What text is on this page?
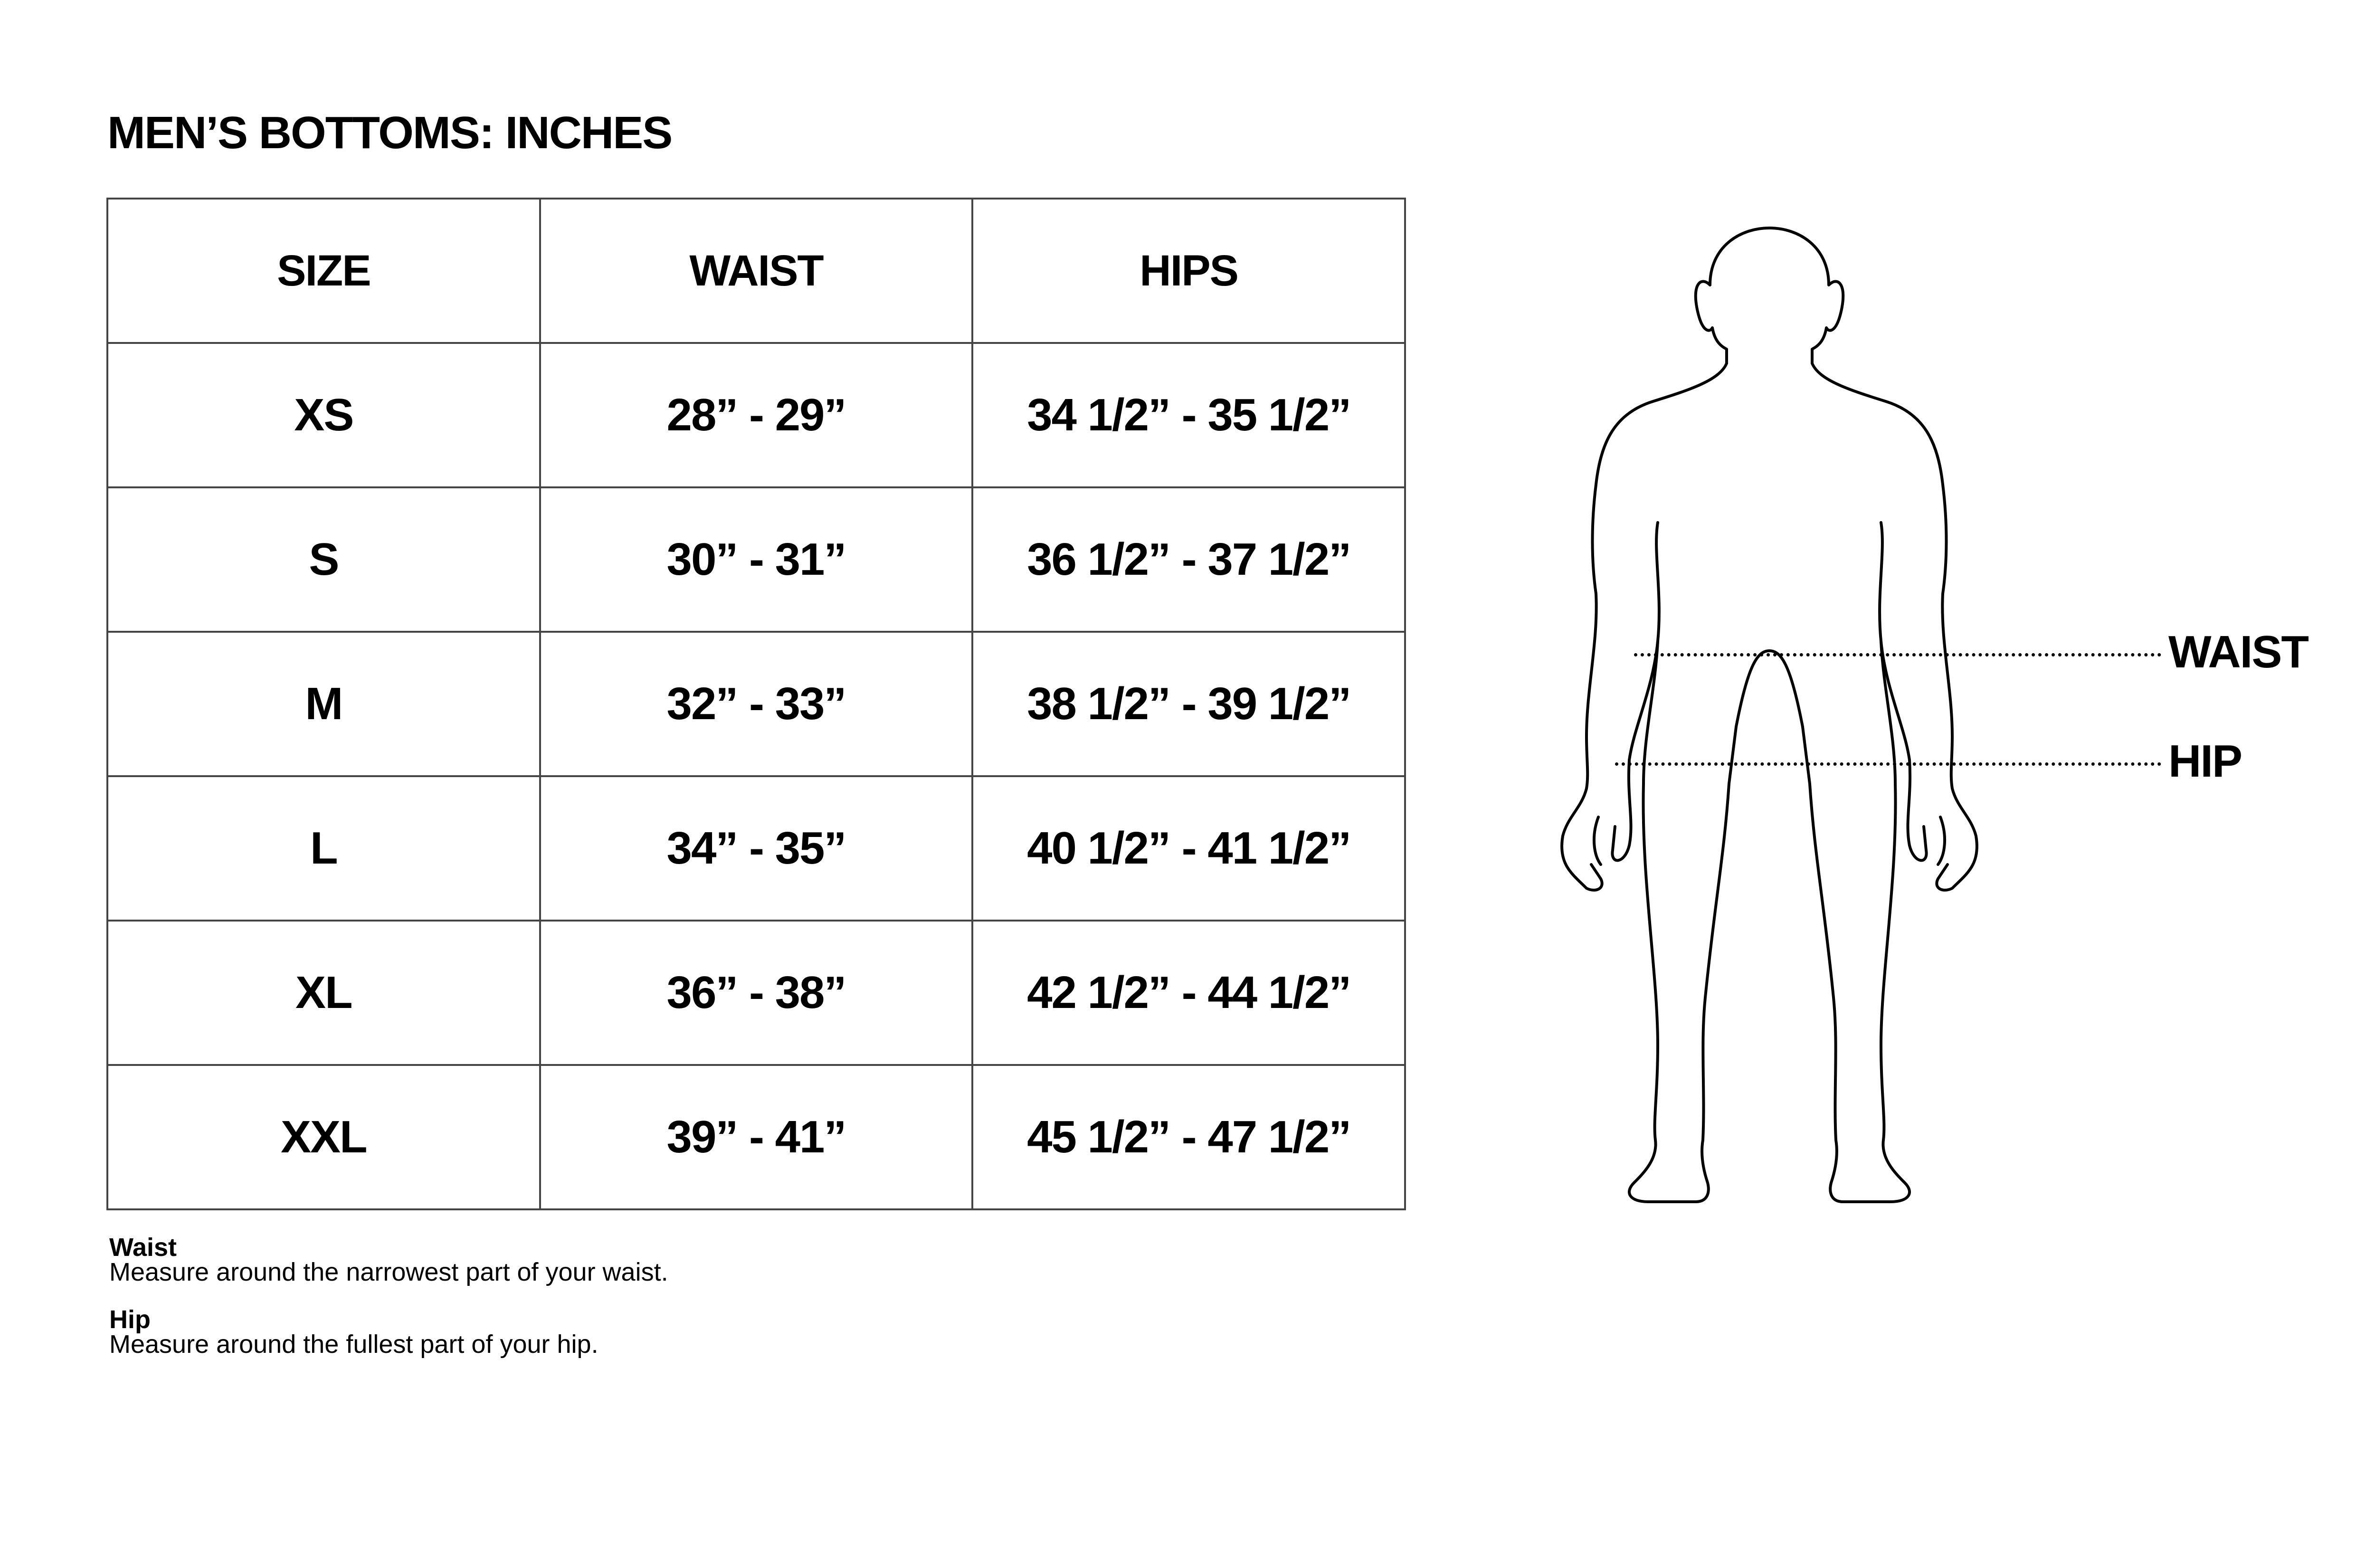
MEN’S BOTTOMS: INCHES
SIZE	WAIST	HIPS
XS	28” - 29”	34 1/2” - 35 1/2”
S	30” - 31”	36 1/2” - 37 1/2”
M	32” - 33”	38 1/2” - 39 1/2”
L	34” - 35”	40 1/2” - 41 1/2”
XL	36” - 38”	42 1/2” - 44 1/2”
XXL	39” - 41”	45 1/2” - 47 1/2”
Waist
Measure around the narrowest part of your waist.
Hip
Measure around the fullest part of your hip.
WAIST
HIP
